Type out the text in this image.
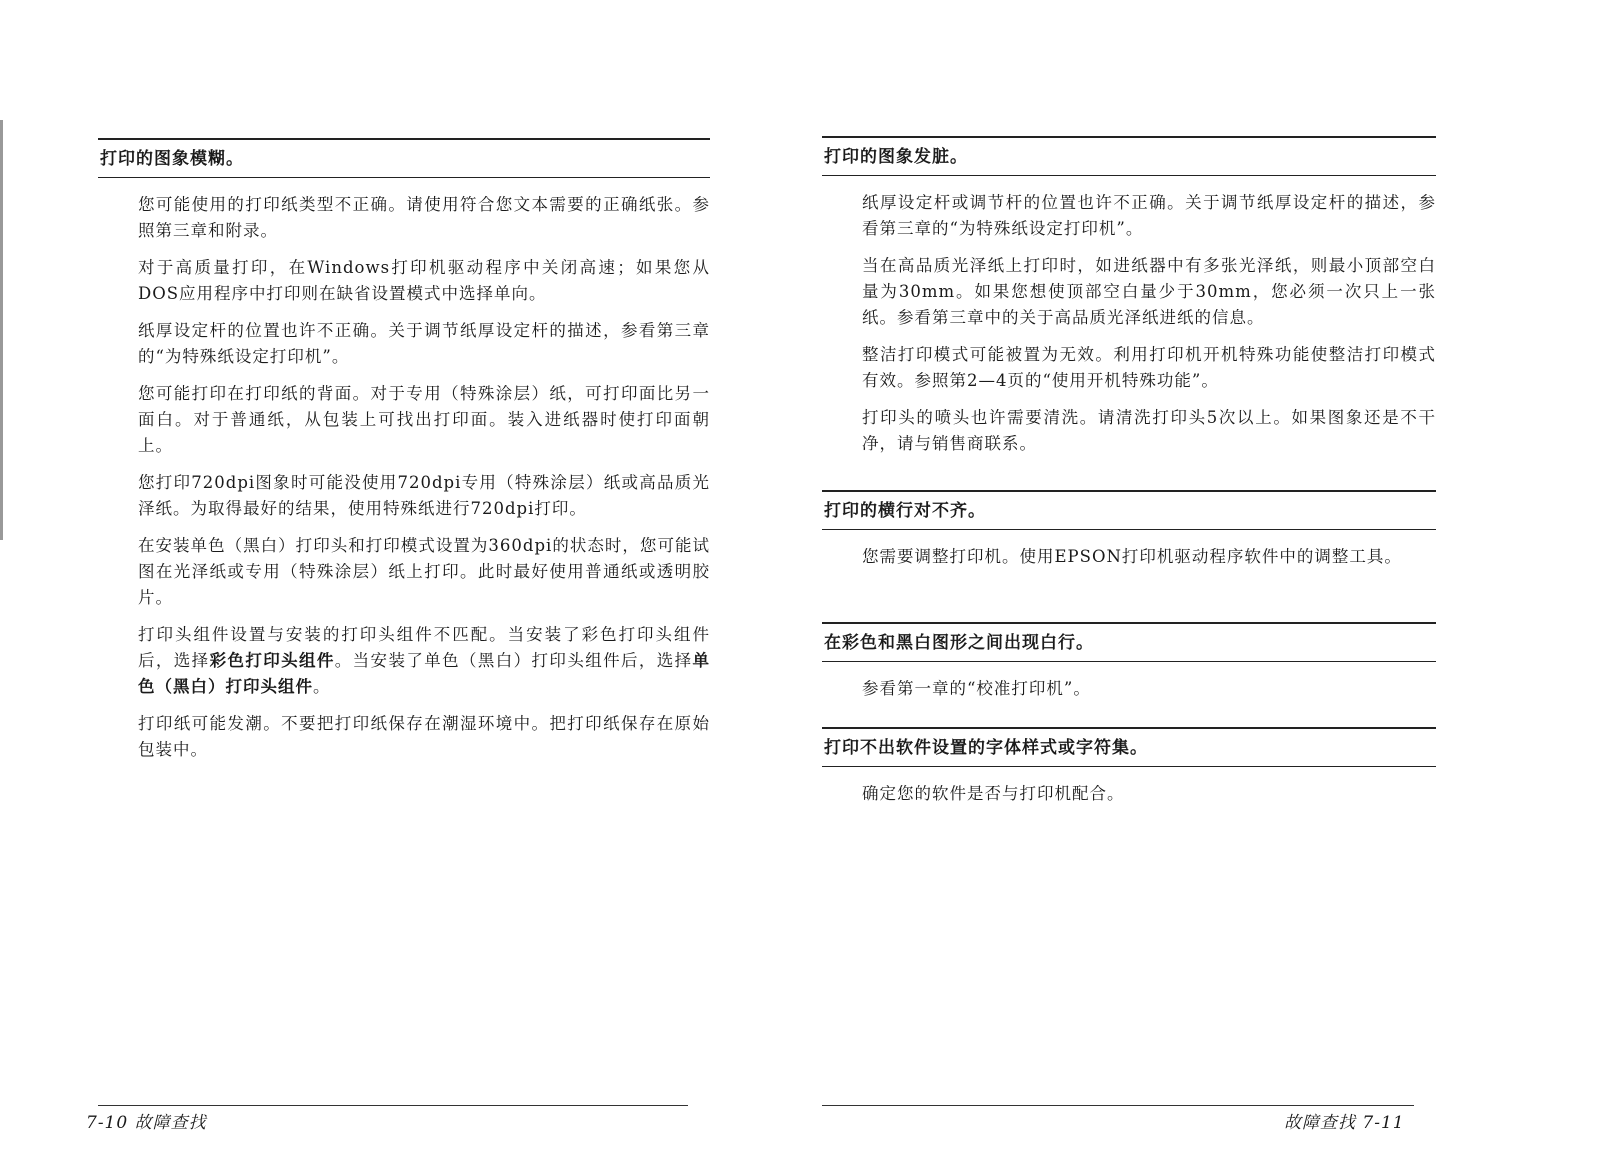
打印的图象模糊。

您可能使用的打印纸类型不正确。请使用符合您文本需要的正确纸张。参照第三章和附录。

对于高质量打印，在Windows打印机驱动程序中关闭高速；如果您从DOS应用程序中打印则在缺省设置模式中选择单向。

纸厚设定杆的位置也许不正确。关于调节纸厚设定杆的描述，参看第三章的“为特殊纸设定打印机”。

您可能打印在打印纸的背面。对于专用（特殊涂层）纸，可打印面比另一面白。对于普通纸，从包装上可找出打印面。装入进纸器时使打印面朝上。

您打印720dpi图象时可能没使用720dpi专用（特殊涂层）纸或高品质光泽纸。为取得最好的结果，使用特殊纸进行720dpi打印。

在安装单色（黑白）打印头和打印模式设置为360dpi的状态时，您可能试图在光泽纸或专用（特殊涂层）纸上打印。此时最好使用普通纸或透明胶片。

打印头组件设置与安装的打印头组件不匹配。当安装了彩色打印头组件后，选择彩色打印头组件。当安装了单色（黑白）打印头组件后，选择单色（黑白）打印头组件。

打印纸可能发潮。不要把打印纸保存在潮湿环境中。把打印纸保存在原始包装中。

7-10 故障查找
打印的图象发脏。

纸厚设定杆或调节杆的位置也许不正确。关于调节纸厚设定杆的描述，参看第三章的“为特殊纸设定打印机”。

当在高品质光泽纸上打印时，如进纸器中有多张光泽纸，则最小顶部空白量为30mm。如果您想使顶部空白量少于30mm，您必须一次只上一张纸。参看第三章中的关于高品质光泽纸进纸的信息。

整洁打印模式可能被置为无效。利用打印机开机特殊功能使整洁打印模式有效。参照第2—4页的“使用开机特殊功能”。

打印头的喷头也许需要清洗。请清洗打印头5次以上。如果图象还是不干净，请与销售商联系。

打印的横行对不齐。

您需要调整打印机。使用EPSON打印机驱动程序软件中的调整工具。

在彩色和黑白图形之间出现白行。

参看第一章的“校准打印机”。

打印不出软件设置的字体样式或字符集。

确定您的软件是否与打印机配合。

故障查找 7-11
